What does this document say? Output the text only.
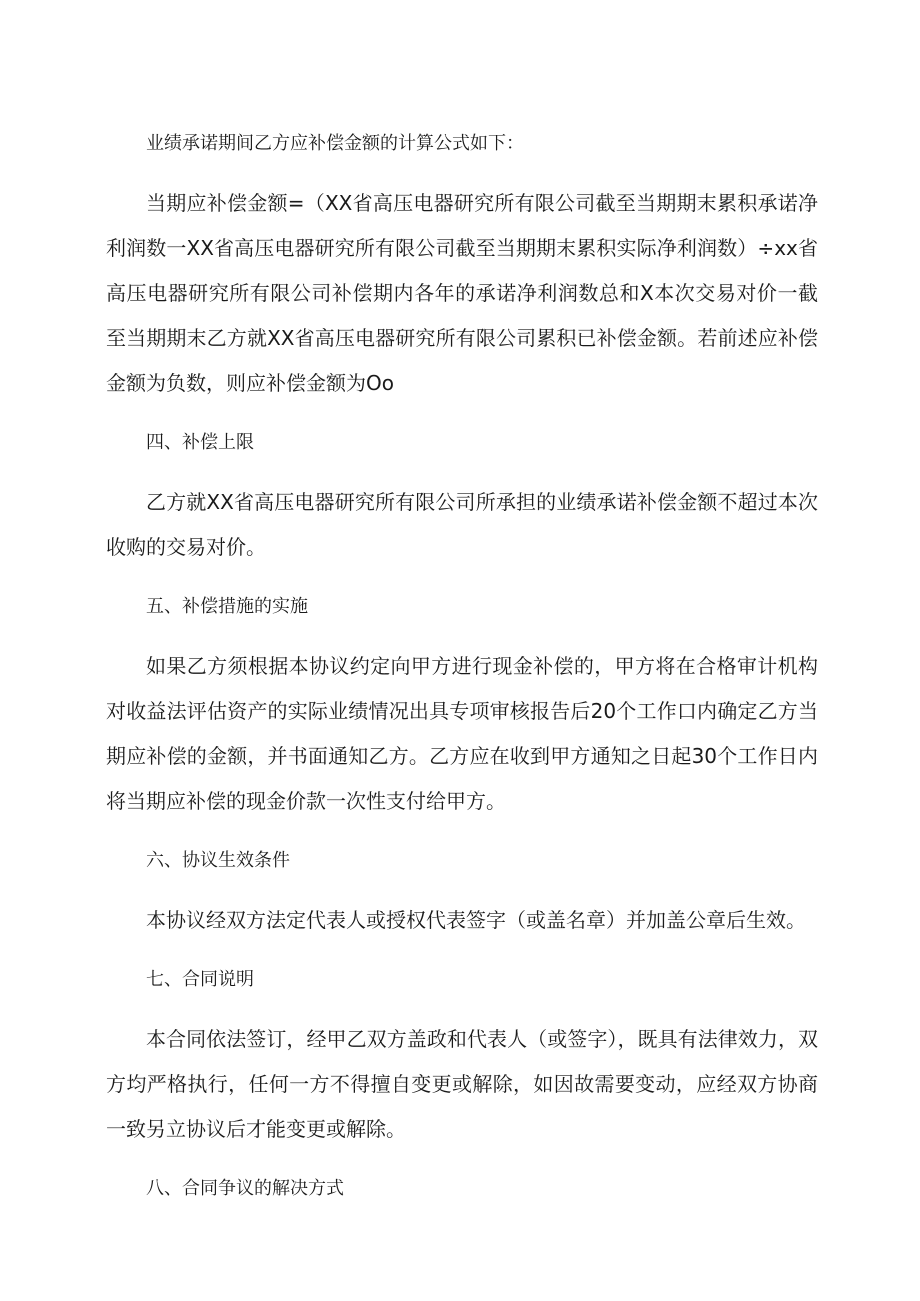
业绩承诺期间乙方应补偿金额的计算公式如下：

当期应补偿金额=（XX省高压电器研究所有限公司截至当期期末累积承诺净利润数一XX省高压电器研究所有限公司截至当期期末累积实际净利润数）÷xx省高压电器研究所有限公司补偿期内各年的承诺净利润数总和X本次交易对价一截至当期期末乙方就XX省高压电器研究所有限公司累积已补偿金额。若前述应补偿金额为负数，则应补偿金额为Oo

四、补偿上限

乙方就XX省高压电器研究所有限公司所承担的业绩承诺补偿金额不超过本次收购的交易对价。

五、补偿措施的实施

如果乙方须根据本协议约定向甲方进行现金补偿的，甲方将在合格审计机构对收益法评估资产的实际业绩情况出具专项审核报告后20个工作口内确定乙方当期应补偿的金额，并书面通知乙方。乙方应在收到甲方通知之日起30个工作日内将当期应补偿的现金价款一次性支付给甲方。

六、协议生效条件

本协议经双方法定代表人或授权代表签字（或盖名章）并加盖公章后生效。

七、合同说明

本合同依法签订，经甲乙双方盖政和代表人（或签字），既具有法律效力，双方均严格执行，任何一方不得擅自变更或解除，如因故需要变动，应经双方协商一致另立协议后才能变更或解除。

八、合同争议的解决方式
